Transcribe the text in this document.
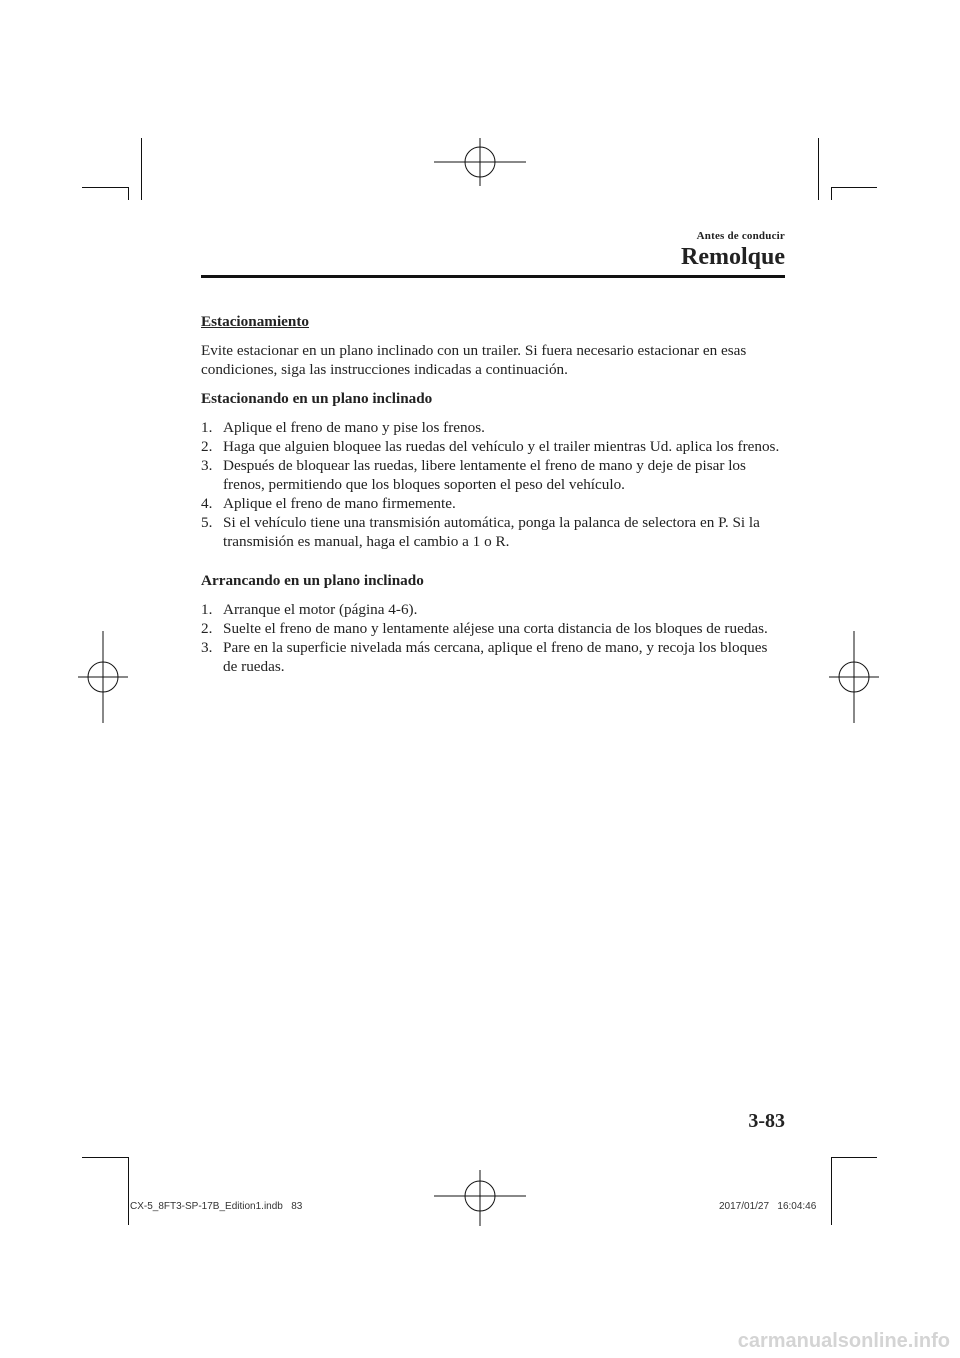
Antes de conducir
Remolque
Estacionamiento
Evite estacionar en un plano inclinado con un trailer. Si fuera necesario estacionar en esas condiciones, siga las instrucciones indicadas a continuación.
Estacionando en un plano inclinado
1. Aplique el freno de mano y pise los frenos.
2. Haga que alguien bloquee las ruedas del vehículo y el trailer mientras Ud. aplica los frenos.
3. Después de bloquear las ruedas, libere lentamente el freno de mano y deje de pisar los frenos, permitiendo que los bloques soporten el peso del vehículo.
4. Aplique el freno de mano firmemente.
5. Si el vehículo tiene una transmisión automática, ponga la palanca de selectora en P. Si la transmisión es manual, haga el cambio a 1 o R.
Arrancando en un plano inclinado
1. Arranque el motor (página 4-6).
2. Suelte el freno de mano y lentamente aléjese una corta distancia de los bloques de ruedas.
3. Pare en la superficie nivelada más cercana, aplique el freno de mano, y recoja los bloques de ruedas.
3-83
CX-5_8FT3-SP-17B_Edition1.indb   83	2017/01/27   16:04:46
carmanualsonline.info
